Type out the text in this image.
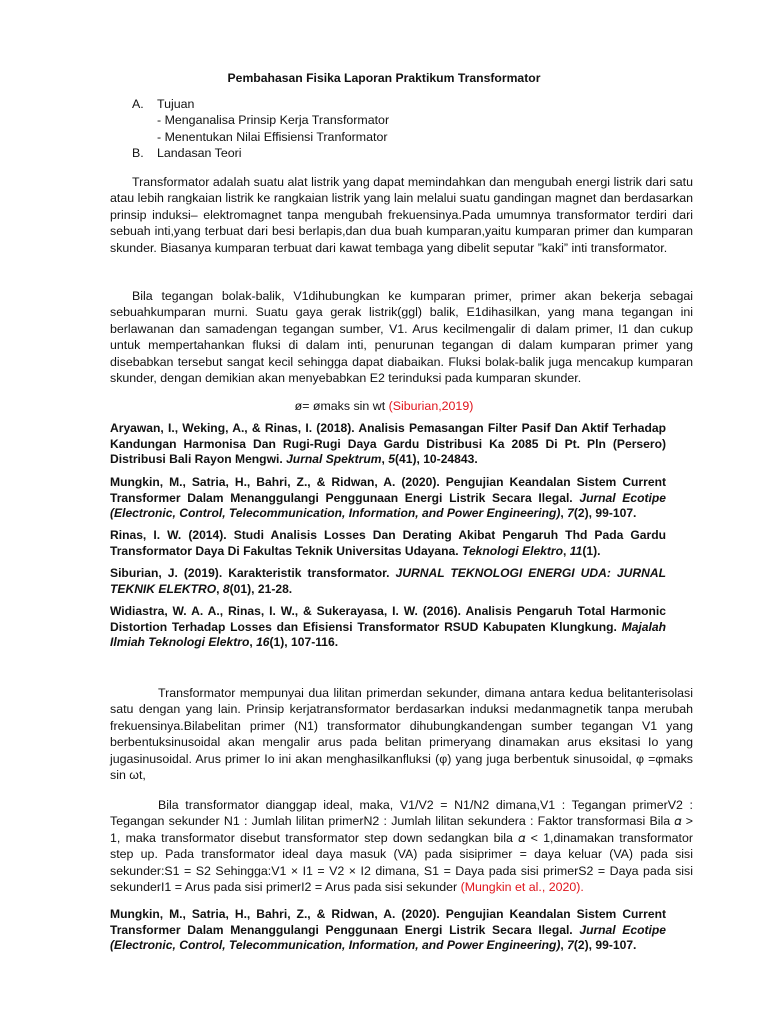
Pembahasan Fisika Laporan Praktikum Transformator
A.	Tujuan
- Menganalisa Prinsip Kerja Transformator
- Menentukan Nilai Effisiensi Tranformator
B.	Landasan Teori
Transformator adalah suatu alat listrik yang dapat memindahkan dan mengubah energi listrik dari satu atau lebih rangkaian listrik ke rangkaian listrik yang lain melalui suatu gandingan magnet dan berdasarkan prinsip induksi– elektromagnet tanpa mengubah frekuensinya.Pada umumnya transformator terdiri dari sebuah inti,yang terbuat dari besi berlapis,dan dua buah kumparan,yaitu kumparan primer dan kumparan skunder. Biasanya kumparan terbuat dari kawat tembaga yang dibelit seputar ”kaki” inti transformator.
Bila tegangan bolak-balik, V1dihubungkan ke kumparan primer, primer akan bekerja sebagai sebuahkumparan murni. Suatu gaya gerak listrik(ggl) balik, E1dihasilkan, yang mana tegangan ini berlawanan dan samadengan tegangan sumber, V1. Arus kecilmengalir di dalam primer, I1 dan cukup untuk mempertahankan fluksi di dalam inti, penurunan tegangan di dalam kumparan primer yang disebabkan tersebut sangat kecil sehingga dapat diabaikan. Fluksi bolak-balik juga mencakup kumparan skunder, dengan demikian akan menyebabkan E2 terinduksi pada kumparan skunder.
ø= ømaks sin wt (Siburian,2019)
Aryawan, I., Weking, A., & Rinas, I. (2018). Analisis Pemasangan Filter Pasif Dan Aktif Terhadap Kandungan Harmonisa Dan Rugi-Rugi Daya Gardu Distribusi Ka 2085 Di Pt. Pln (Persero) Distribusi Bali Rayon Mengwi. Jurnal Spektrum, 5(41), 10-24843.
Mungkin, M., Satria, H., Bahri, Z., & Ridwan, A. (2020). Pengujian Keandalan Sistem Current Transformer Dalam Menanggulangi Penggunaan Energi Listrik Secara Ilegal. Jurnal Ecotipe (Electronic, Control, Telecommunication, Information, and Power Engineering), 7(2), 99-107.
Rinas, I. W. (2014). Studi Analisis Losses Dan Derating Akibat Pengaruh Thd Pada Gardu Transformator Daya Di Fakultas Teknik Universitas Udayana. Teknologi Elektro, 11(1).
Siburian, J. (2019). Karakteristik transformator. JURNAL TEKNOLOGI ENERGI UDA: JURNAL TEKNIK ELEKTRO, 8(01), 21-28.
Widiastra, W. A. A., Rinas, I. W., & Sukerayasa, I. W. (2016). Analisis Pengaruh Total Harmonic Distortion Terhadap Losses dan Efisiensi Transformator RSUD Kabupaten Klungkung. Majalah Ilmiah Teknologi Elektro, 16(1), 107-116.
Transformator mempunyai dua lilitan primerdan sekunder, dimana antara kedua belitanterisolasi satu dengan yang lain. Prinsip kerjatransformator berdasarkan induksi medanmagnetik tanpa merubah frekuensinya.Bilabelitan primer (N1) transformator dihubungkandengan sumber tegangan V1 yang berbentuksinusoidal akan mengalir arus pada belitan primeryang dinamakan arus eksitasi Io yang jugasinusoidal. Arus primer Io ini akan menghasilkanfluksi (φ) yang juga berbentuk sinusoidal, φ =φmaks sin ωt,
Bila transformator dianggap ideal, maka, V1/V2 = N1/N2 dimana,V1 : Tegangan primerV2 : Tegangan sekunder N1 : Jumlah lilitan primerN2 : Jumlah lilitan sekundera : Faktor transformasi Bila 𝛼 > 1, maka transformator disebut transformator step down sedangkan bila 𝛼 < 1,dinamakan transformator step up. Pada transformator ideal daya masuk (VA) pada sisiprimer = daya keluar (VA) pada sisi sekunder:S1 = S2 Sehingga:V1 × I1 = V2 × I2 dimana, S1 = Daya pada sisi primerS2 = Daya pada sisi sekunderI1 = Arus pada sisi primerI2 = Arus pada sisi sekunder (Mungkin et al., 2020).
Mungkin, M., Satria, H., Bahri, Z., & Ridwan, A. (2020). Pengujian Keandalan Sistem Current Transformer Dalam Menanggulangi Penggunaan Energi Listrik Secara Ilegal. Jurnal Ecotipe (Electronic, Control, Telecommunication, Information, and Power Engineering), 7(2), 99-107.
